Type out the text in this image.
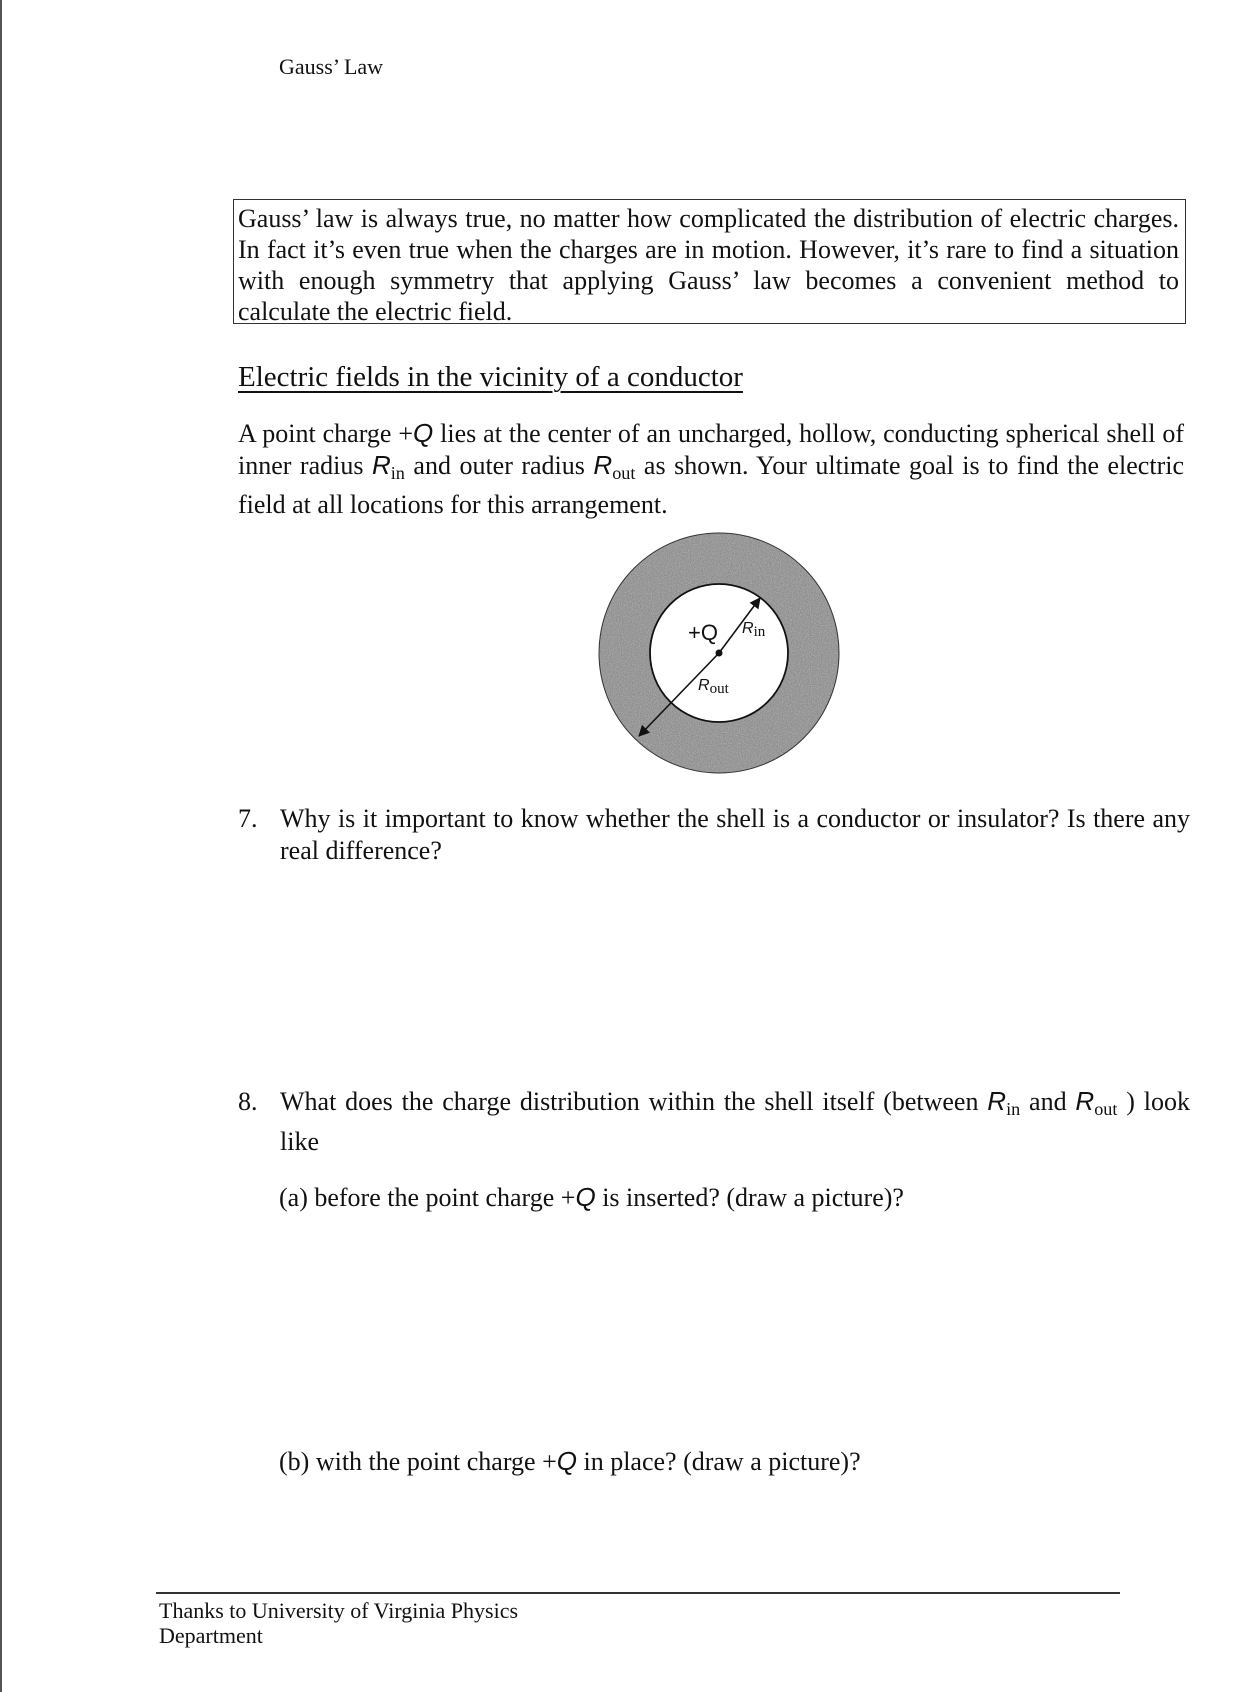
Gauss’ Law
Gauss’ law is always true, no matter how complicated the distribution of electric charges. In fact it’s even true when the charges are in motion. However, it’s rare to find a situation with enough symmetry that applying Gauss’ law becomes a convenient method to calculate the electric field.
Electric fields in the vicinity of a conductor
A point charge +Q lies at the center of an uncharged, hollow, conducting spherical shell of inner radius $R_{in}$ and outer radius $R_{out}$ as shown. Your ultimate goal is to find the electric field at all locations for this arrangement.
+Q Rin
Rout
7. Why is it important to know whether the shell is a conductor or insulator? Is there any real difference?
8. What does the charge distribution within the shell itself (between $R_{in}$ and $R_{out}$ ) look like
(a) before the point charge +Q is inserted? (draw a picture)?
(b) with the point charge +Q in place? (draw a picture)?
Thanks to University of Virginia Physics Department
